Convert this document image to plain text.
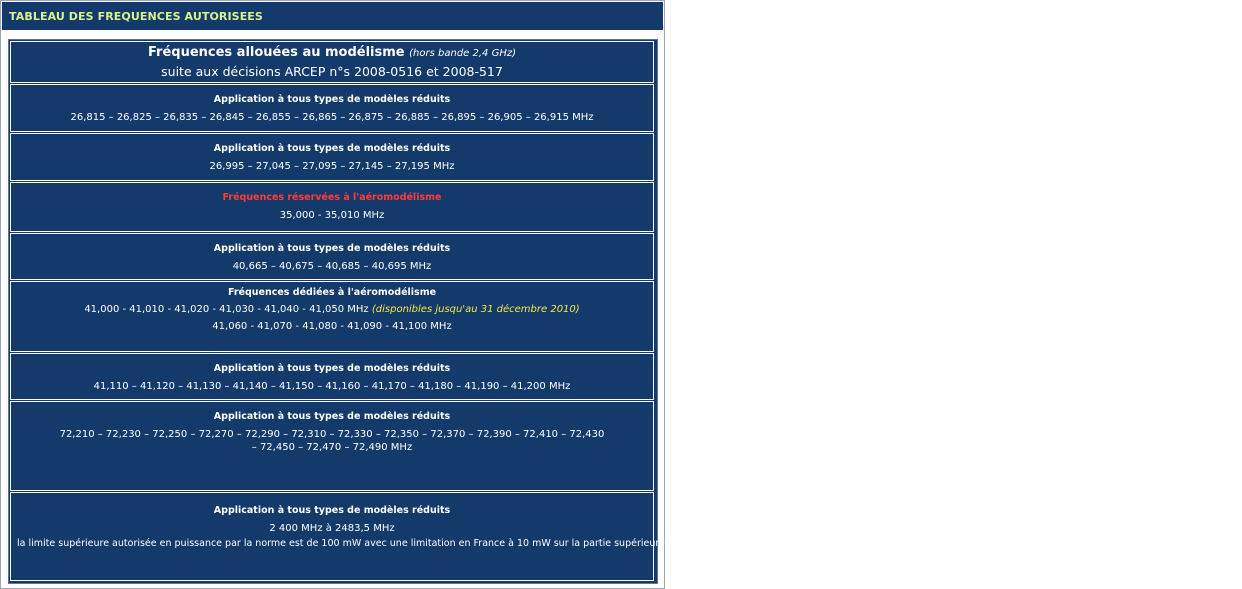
TABLEAU DES FREQUENCES AUTORISEES
Fréquences allouées au modélisme (hors bande 2,4 GHz)
suite aux décisions ARCEP n°s 2008-0516 et 2008-517
Application à tous types de modèles réduits
26,815 – 26,825 – 26,835 – 26,845 – 26,855 – 26,865 – 26,875 – 26,885 – 26,895 – 26,905 – 26,915 MHz
Application à tous types de modèles réduits
26,995 – 27,045 – 27,095 – 27,145 – 27,195 MHz
Fréquences réservées à l'aéromodélisme
35,000 - 35,010 MHz
Application à tous types de modèles réduits
40,665 – 40,675 – 40,685 – 40,695 MHz
Fréquences dédiées à l'aéromodélisme
41,000 - 41,010 - 41,020 - 41,030 - 41,040 - 41,050 MHz (disponibles jusqu'au 31 décembre 2010)
41,060 - 41,070 - 41,080 - 41,090 - 41,100 MHz
Application à tous types de modèles réduits
41,110 – 41,120 – 41,130 – 41,140 – 41,150 – 41,160 – 41,170 – 41,180 – 41,190 – 41,200 MHz
Application à tous types de modèles réduits
72,210 – 72,230 – 72,250 – 72,270 – 72,290 – 72,310 – 72,330 – 72,350 – 72,370 – 72,390 – 72,410 – 72,430
– 72,450 – 72,470 – 72,490 MHz
Application à tous types de modèles réduits
2 400 MHz à 2483,5 MHz
la limite supérieure autorisée en puissance par la norme est de 100 mW avec une limitation en France à 10 mW sur la partie supérieure de la bande ( 2454 à 2483,5 MHz pour un usage à l'extérieur de bâtiments ( limitation qui n'existe pas rn vol d'intérieur)
